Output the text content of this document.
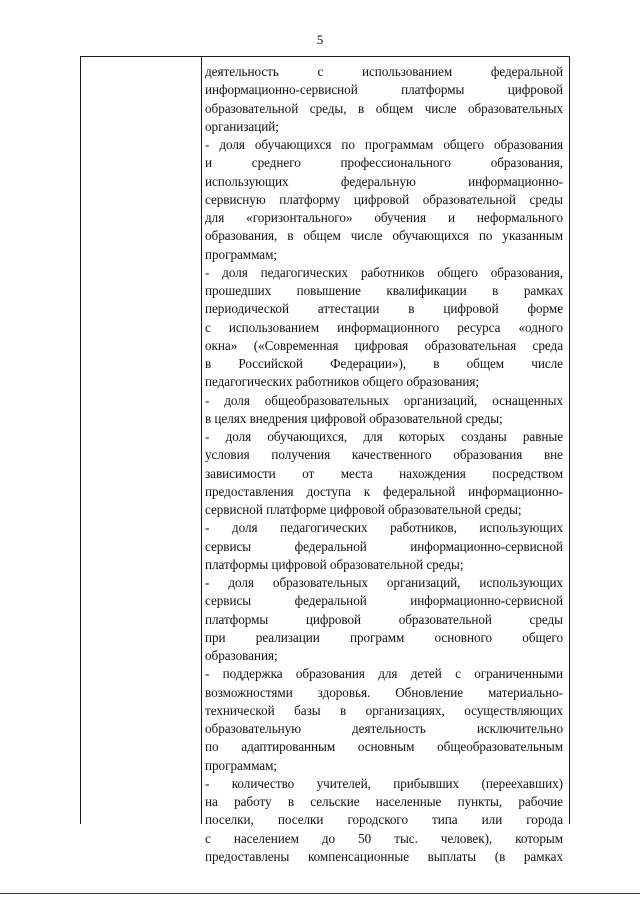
5
деятельность с использованием федеральной
информационно-сервисной платформы цифровой
образовательной среды, в общем числе образовательных
организаций;
- доля обучающихся по программам общего образования
и среднего профессионального образования,
использующих федеральную информационно-
сервисную платформу цифровой образовательной среды
для «горизонтального» обучения и неформального
образования, в общем числе обучающихся по указанным
программам;
- доля педагогических работников общего образования,
прошедших повышение квалификации в рамках
периодической аттестации в цифровой форме
с использованием информационного ресурса «одного
окна» («Современная цифровая образовательная среда
в Российской Федерации»), в общем числе
педагогических работников общего образования;
- доля общеобразовательных организаций, оснащенных
в целях внедрения цифровой образовательной среды;
- доля обучающихся, для которых созданы равные
условия получения качественного образования вне
зависимости от места нахождения посредством
предоставления доступа к федеральной информационно-
сервисной платформе цифровой образовательной среды;
- доля педагогических работников, использующих
сервисы федеральной информационно-сервисной
платформы цифровой образовательной среды;
- доля образовательных организаций, использующих
сервисы федеральной информационно-сервисной
платформы цифровой образовательной среды
при реализации программ основного общего
образования;
- поддержка образования для детей с ограниченными
возможностями здоровья. Обновление материально-
технической базы в организациях, осуществляющих
образовательную деятельность исключительно
по адаптированным основным общеобразовательным
программам;
- количество учителей, прибывших (переехавших)
на работу в сельские населенные пункты, рабочие
поселки, поселки городского типа или города
с населением до 50 тыс. человек), которым
предоставлены компенсационные выплаты (в рамках
